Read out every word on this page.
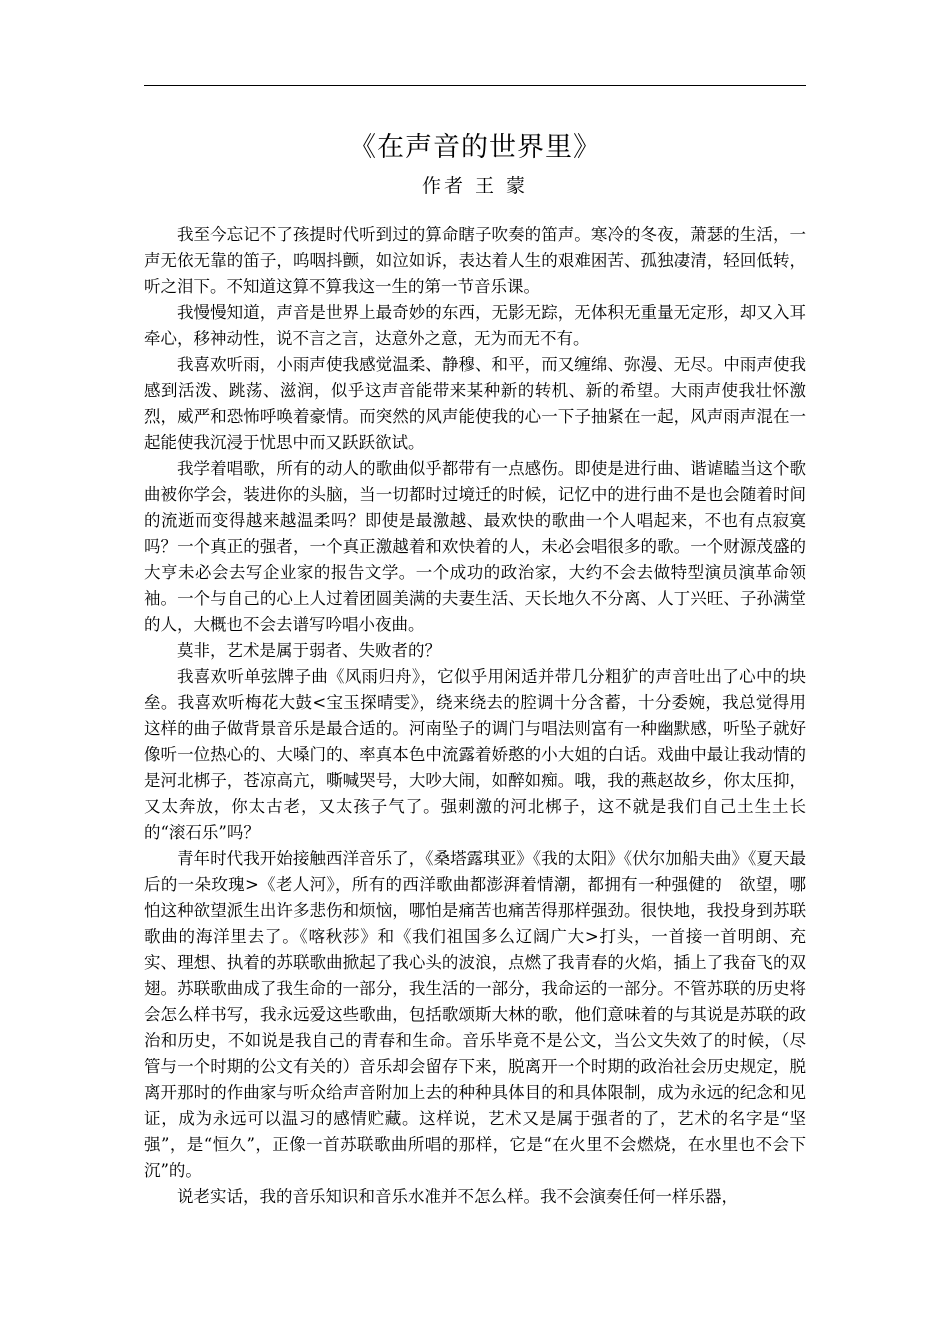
《在声音的世界里》
作者 王 蒙

我至今忘记不了孩提时代听到过的算命瞎子吹奏的笛声。寒冷的冬夜，萧瑟的生活，一声无依无靠的笛子，呜咽抖颤，如泣如诉，表达着人生的艰难困苦、孤独凄清，轻回低转，听之泪下。不知道这算不算我这一生的第一节音乐课。

我慢慢知道，声音是世界上最奇妙的东西，无影无踪，无体积无重量无定形，却又入耳牵心，移神动性，说不言之言，达意外之意，无为而无不有。

我喜欢听雨，小雨声使我感觉温柔、静穆、和平，而又缠绵、弥漫、无尽。中雨声使我感到活泼、跳荡、滋润，似乎这声音能带来某种新的转机、新的希望。大雨声使我壮怀激烈，威严和恐怖呼唤着豪情。而突然的风声能使我的心一下子抽紧在一起，风声雨声混在一起能使我沉浸于忧思中而又跃跃欲试。

我学着唱歌，所有的动人的歌曲似乎都带有一点感伤。即使是进行曲、谐谑瞌当这个歌曲被你学会，装进你的头脑，当一切都时过境迁的时候，记忆中的进行曲不是也会随着时间的流逝而变得越来越温柔吗？即使是最激越、最欢快的歌曲一个人唱起来，不也有点寂寞吗？一个真正的强者，一个真正激越着和欢快着的人，未必会唱很多的歌。一个财源茂盛的大亨未必会去写企业家的报告文学。一个成功的政治家，大约不会去做特型演员演革命领袖。一个与自己的心上人过着团圆美满的夫妻生活、天长地久不分离、人丁兴旺、子孙满堂的人，大概也不会去谱写吟唱小夜曲。

莫非，艺术是属于弱者、失败者的？

我喜欢听单弦牌子曲《风雨归舟》，它似乎用闲适并带几分粗犷的声音吐出了心中的块垒。我喜欢听梅花大鼓<宝玉探晴雯》，绕来绕去的腔调十分含蓄，十分委婉，我总觉得用这样的曲子做背景音乐是最合适的。河南坠子的调门与唱法则富有一种幽默感，听坠子就好像听一位热心的、大嗓门的、率真本色中流露着娇憨的小大姐的白话。戏曲中最让我动情的是河北梆子，苍凉高亢，嘶喊哭号，大吵大闹，如醉如痴。哦，我的燕赵故乡，你太压抑，又太奔放，你太古老，又太孩子气了。强刺激的河北梆子，这不就是我们自己土生土长的“滚石乐”吗？

青年时代我开始接触西洋音乐了，《桑塔露琪亚》《我的太阳》《伏尔加船夫曲》《夏天最后的一朵玫瑰>《老人河》，所有的西洋歌曲都澎湃着情潮，都拥有一种强健的　欲望，哪怕这种欲望派生出许多悲伤和烦恼，哪怕是痛苦也痛苦得那样强劲。很快地，我投身到苏联歌曲的海洋里去了。《喀秋莎》和《我们祖国多么辽阔广大>打头，一首接一首明朗、充实、理想、执着的苏联歌曲掀起了我心头的波浪，点燃了我青春的火焰，插上了我奋飞的双翅。苏联歌曲成了我生命的一部分，我生活的一部分，我命运的一部分。不管苏联的历史将会怎么样书写，我永远爱这些歌曲，包括歌颂斯大林的歌，他们意味着的与其说是苏联的政治和历史，不如说是我自己的青春和生命。音乐毕竟不是公文，当公文失效了的时候，（尽管与一个时期的公文有关的）音乐却会留存下来，脱离开一个时期的政治社会历史规定，脱离开那时的作曲家与听众给声音附加上去的种种具体目的和具体限制，成为永远的纪念和见证，成为永远可以温习的感情贮藏。这样说，艺术又是属于强者的了，艺术的名字是“坚强”，是“恒久”，正像一首苏联歌曲所唱的那样，它是“在火里不会燃烧，在水里也不会下沉”的。

说老实话，我的音乐知识和音乐水准并不怎么样。我不会演奏任何一样乐器，
